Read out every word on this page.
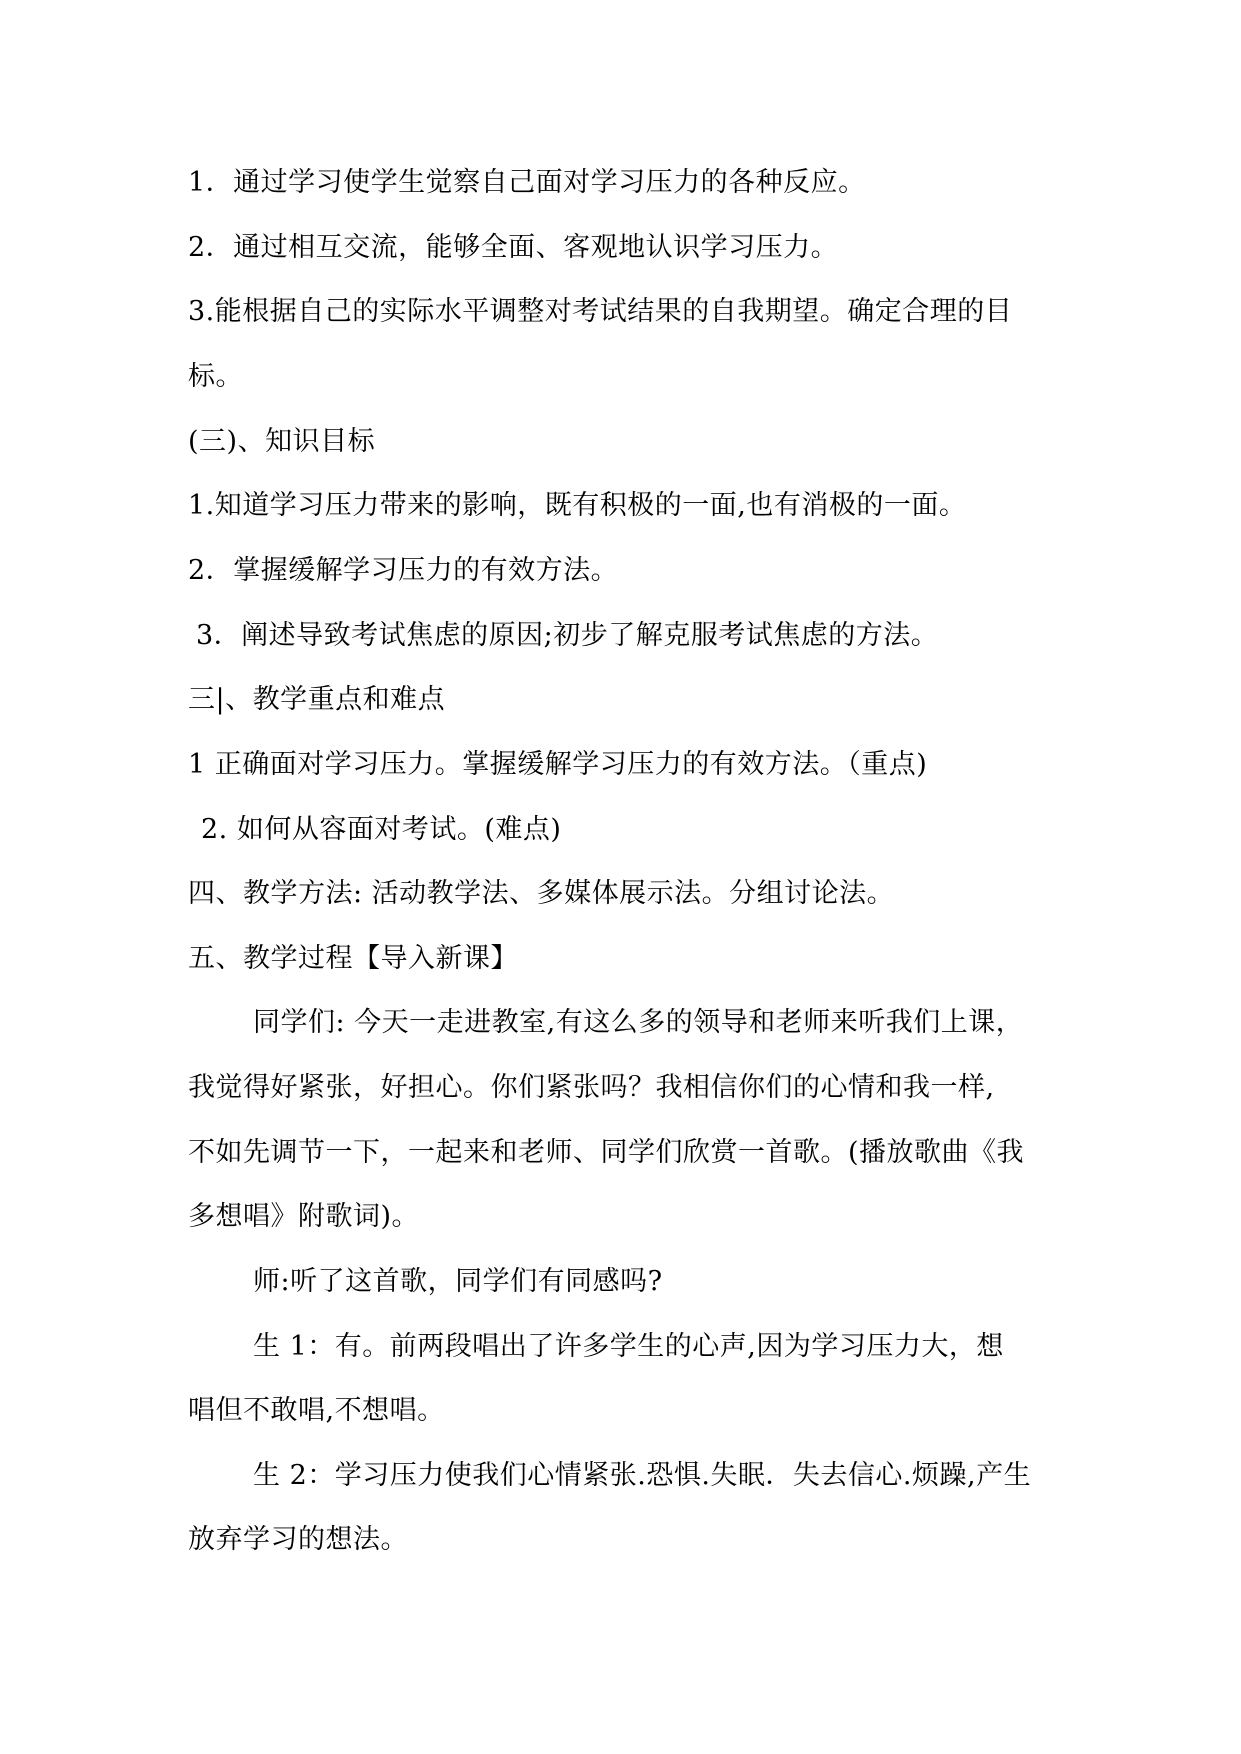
1．通过学习使学生觉察自己面对学习压力的各种反应。

2．通过相互交流，能够全面、客观地认识学习压力。

3.能根据自己的实际水平调整对考试结果的自我期望。确定合理的目

标。

(三)、知识目标

1.知道学习压力带来的影响，既有积极的一面,也有消极的一面。

2．掌握缓解学习压力的有效方法。

3．阐述导致考试焦虑的原因;初步了解克服考试焦虑的方法。

三|、教学重点和难点

1 正确面对学习压力。掌握缓解学习压力的有效方法。（重点)

2. 如何从容面对考试。(难点)

四、教学方法: 活动教学法、多媒体展示法。分组讨论法。

五、教学过程【导入新课】

同学们: 今天一走进教室,有这么多的领导和老师来听我们上课，

我觉得好紧张，好担心。你们紧张吗？我相信你们的心情和我一样,

不如先调节一下，一起来和老师、同学们欣赏一首歌。(播放歌曲《我

多想唱》附歌词)。

师:听了这首歌，同学们有同感吗?

生 1：有。前两段唱出了许多学生的心声,因为学习压力大，想

唱但不敢唱,不想唱。

生 2：学习压力使我们心情紧张.恐惧.失眠．失去信心.烦躁,产生

放弃学习的想法。
